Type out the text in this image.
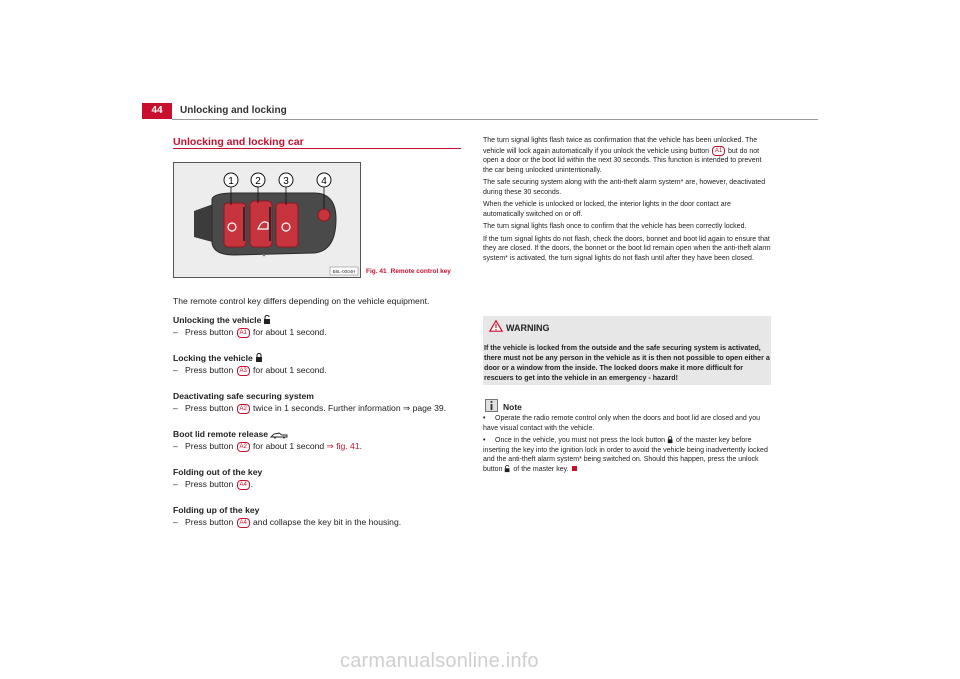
44	Unlocking and locking
Unlocking and locking car
1 2 3	4
B6L-0004H Fig. 41 Remote control key
The remote control key differs depending on the vehicle equipment.
Unlocking the vehicle
– Press button A1 for about 1 second.
Locking the vehicle
– Press button A3 for about 1 second.
Deactivating safe securing system
– Press button A2 twice in 1 seconds. Further information ⇒ page 39.
Boot lid remote release
– Press button A2 for about 1 second ⇒ fig. 41.
Folding out of the key
– Press button A4 .
Folding up of the key
– Press button A4 and collapse the key bit in the housing.

The turn signal lights flash twice as confirmation that the vehicle has been unlocked. The vehicle will lock again automatically if you unlock the vehicle using button A1 but do not open a door or the boot lid within the next 30 seconds. This function is intended to prevent the car being unlocked unintentionally.

The safe securing system along with the anti-theft alarm system* are, however, deactivated during these 30 seconds.

When the vehicle is unlocked or locked, the interior lights in the door contact are automatically switched on or off.

The turn signal lights flash once to confirm that the vehicle has been correctly locked.

If the turn signal lights do not flash, check the doors, bonnet and boot lid again to ensure that they are closed. If the doors, the bonnet or the boot lid remain open when the anti-theft alarm system* is activated, the turn signal lights do not flash until after they have been closed.

WARNING
If the vehicle is locked from the outside and the safe securing system is activated, there must not be any person in the vehicle as it is then not possible to open either a door or a window from the inside. The locked doors make it more difficult for rescuers to get into the vehicle in an emergency - hazard!
Note
• Operate the radio remote control only when the doors and boot lid are closed and you have visual contact with the vehicle.
• Once in the vehicle, you must not press the lock button of the master key before inserting the key into the ignition lock in order to avoid the vehicle being inadvertently locked and the anti-theft alarm system* being switched on. Should this happen, press the unlock button of the master key.
carmanualsonline.info
